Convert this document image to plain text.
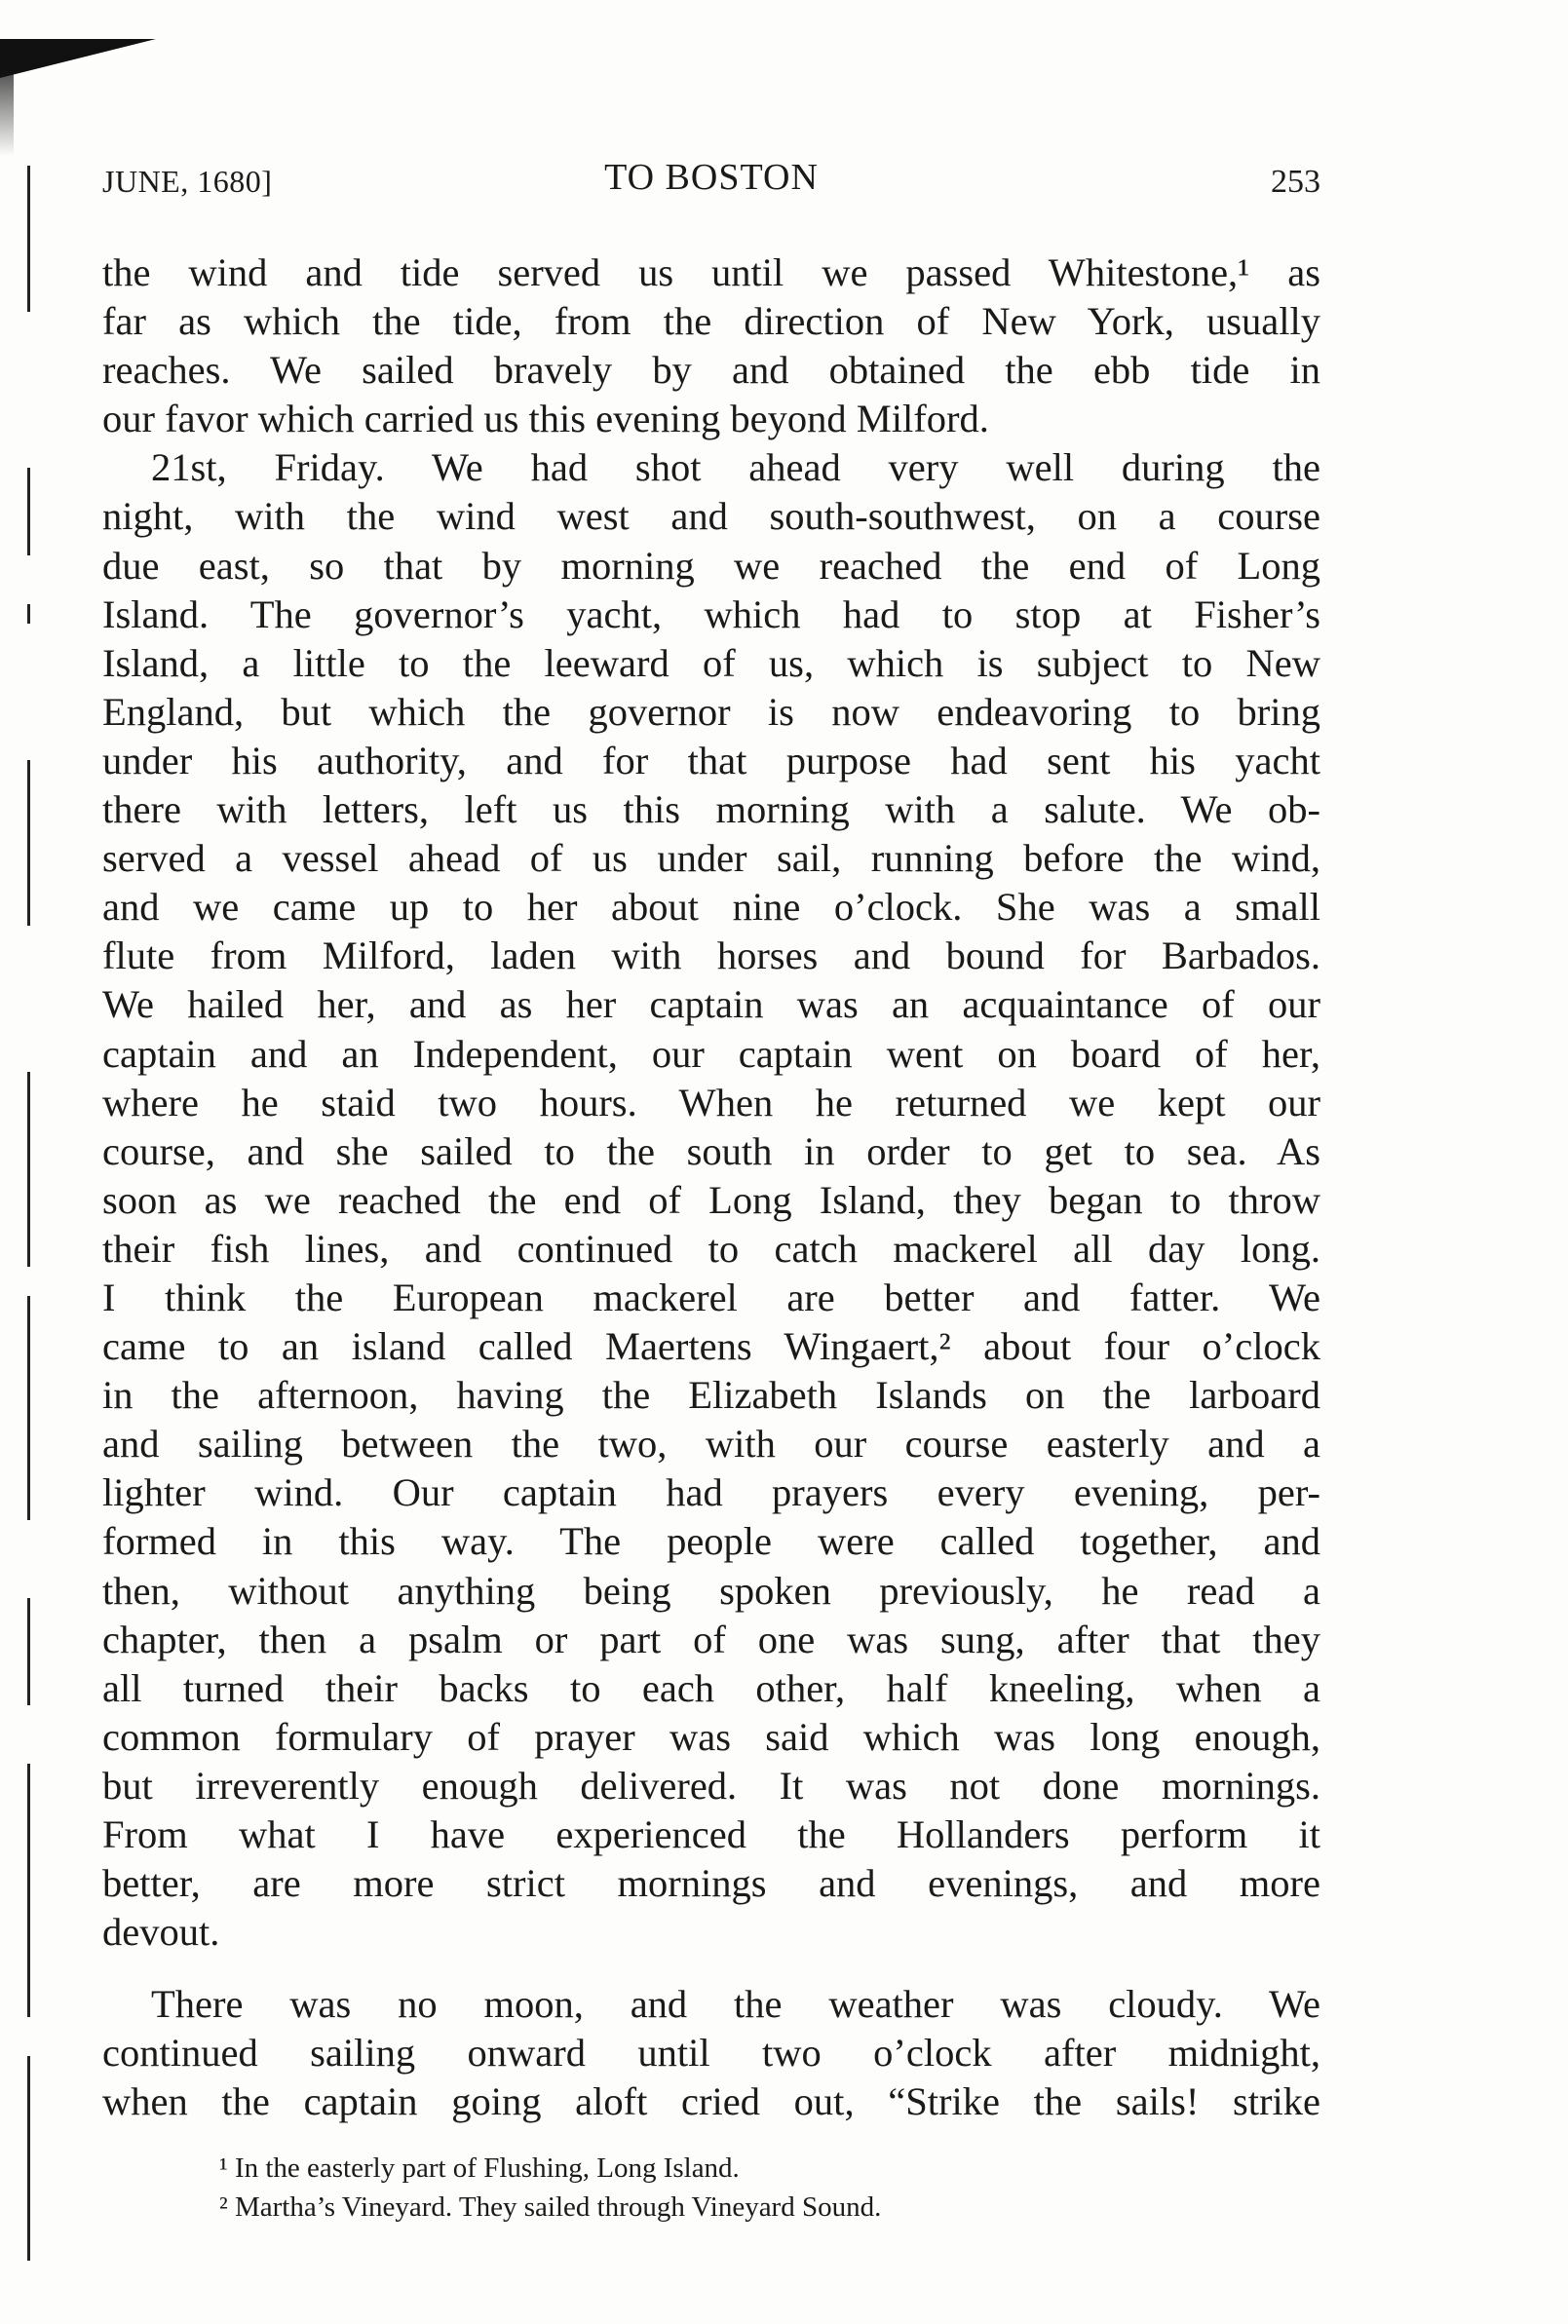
JUNE, 1680]	TO BOSTON	253
the wind and tide served us until we passed Whitestone,¹ as
far as which the tide, from the direction of New York, usually
reaches. We sailed bravely by and obtained the ebb tide in
our favor which carried us this evening beyond Milford.
21st, Friday. We had shot ahead very well during the
night, with the wind west and south-southwest, on a course
due east, so that by morning we reached the end of Long
Island. The governor’s yacht, which had to stop at Fisher’s
Island, a little to the leeward of us, which is subject to New
England, but which the governor is now endeavoring to bring
under his authority, and for that purpose had sent his yacht
there with letters, left us this morning with a salute. We ob-
served a vessel ahead of us under sail, running before the wind,
and we came up to her about nine o’clock. She was a small
flute from Milford, laden with horses and bound for Barbados.
We hailed her, and as her captain was an acquaintance of our
captain and an Independent, our captain went on board of her,
where he staid two hours. When he returned we kept our
course, and she sailed to the south in order to get to sea. As
soon as we reached the end of Long Island, they began to throw
their fish lines, and continued to catch mackerel all day long.
I think the European mackerel are better and fatter. We
came to an island called Maertens Wingaert,² about four o’clock
in the afternoon, having the Elizabeth Islands on the larboard
and sailing between the two, with our course easterly and a
lighter wind. Our captain had prayers every evening, per-
formed in this way. The people were called together, and
then, without anything being spoken previously, he read a
chapter, then a psalm or part of one was sung, after that they
all turned their backs to each other, half kneeling, when a
common formulary of prayer was said which was long enough,
but irreverently enough delivered. It was not done mornings.
From what I have experienced the Hollanders perform it
better, are more strict mornings and evenings, and more
devout.
There was no moon, and the weather was cloudy. We
continued sailing onward until two o’clock after midnight,
when the captain going aloft cried out, “Strike the sails! strike
¹ In the easterly part of Flushing, Long Island.
² Martha’s Vineyard. They sailed through Vineyard Sound.
